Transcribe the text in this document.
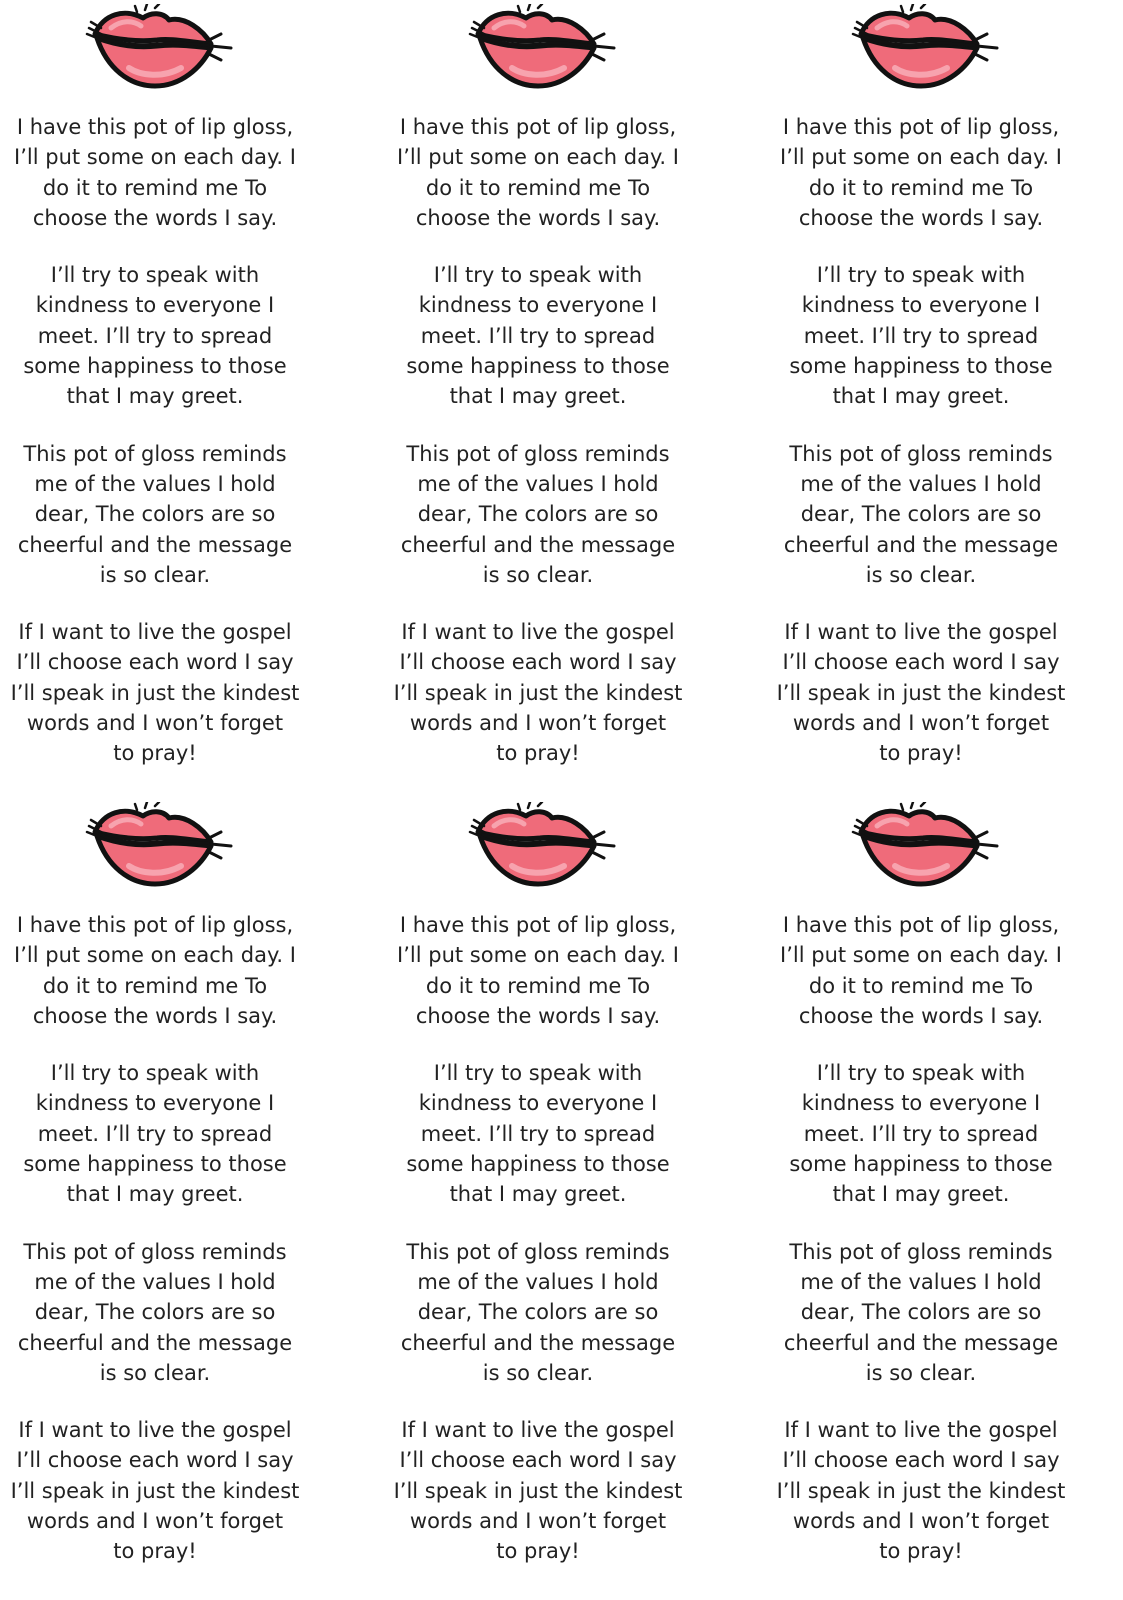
I have this pot of lip gloss,
I’ll put some on each day. I
do it to remind me To
choose the words I say.
I’ll try to speak with
kindness to everyone I
meet. I’ll try to spread
some happiness to those
that I may greet.
This pot of gloss reminds
me of the values I hold
dear, The colors are so
cheerful and the message
is so clear.
If I want to live the gospel
I’ll choose each word I say
I’ll speak in just the kindest
words and I won’t forget
to pray!
I have this pot of lip gloss,
I’ll put some on each day. I
do it to remind me To
choose the words I say.
I’ll try to speak with
kindness to everyone I
meet. I’ll try to spread
some happiness to those
that I may greet.
This pot of gloss reminds
me of the values I hold
dear, The colors are so
cheerful and the message
is so clear.
If I want to live the gospel
I’ll choose each word I say
I’ll speak in just the kindest
words and I won’t forget
to pray!
I have this pot of lip gloss,
I’ll put some on each day. I
do it to remind me To
choose the words I say.
I’ll try to speak with
kindness to everyone I
meet. I’ll try to spread
some happiness to those
that I may greet.
This pot of gloss reminds
me of the values I hold
dear, The colors are so
cheerful and the message
is so clear.
If I want to live the gospel
I’ll choose each word I say
I’ll speak in just the kindest
words and I won’t forget
to pray!
I have this pot of lip gloss,
I’ll put some on each day. I
do it to remind me To
choose the words I say.
I’ll try to speak with
kindness to everyone I
meet. I’ll try to spread
some happiness to those
that I may greet.
This pot of gloss reminds
me of the values I hold
dear, The colors are so
cheerful and the message
is so clear.
If I want to live the gospel
I’ll choose each word I say
I’ll speak in just the kindest
words and I won’t forget
to pray!
I have this pot of lip gloss,
I’ll put some on each day. I
do it to remind me To
choose the words I say.
I’ll try to speak with
kindness to everyone I
meet. I’ll try to spread
some happiness to those
that I may greet.
This pot of gloss reminds
me of the values I hold
dear, The colors are so
cheerful and the message
is so clear.
If I want to live the gospel
I’ll choose each word I say
I’ll speak in just the kindest
words and I won’t forget
to pray!
I have this pot of lip gloss,
I’ll put some on each day. I
do it to remind me To
choose the words I say.
I’ll try to speak with
kindness to everyone I
meet. I’ll try to spread
some happiness to those
that I may greet.
This pot of gloss reminds
me of the values I hold
dear, The colors are so
cheerful and the message
is so clear.
If I want to live the gospel
I’ll choose each word I say
I’ll speak in just the kindest
words and I won’t forget
to pray!
